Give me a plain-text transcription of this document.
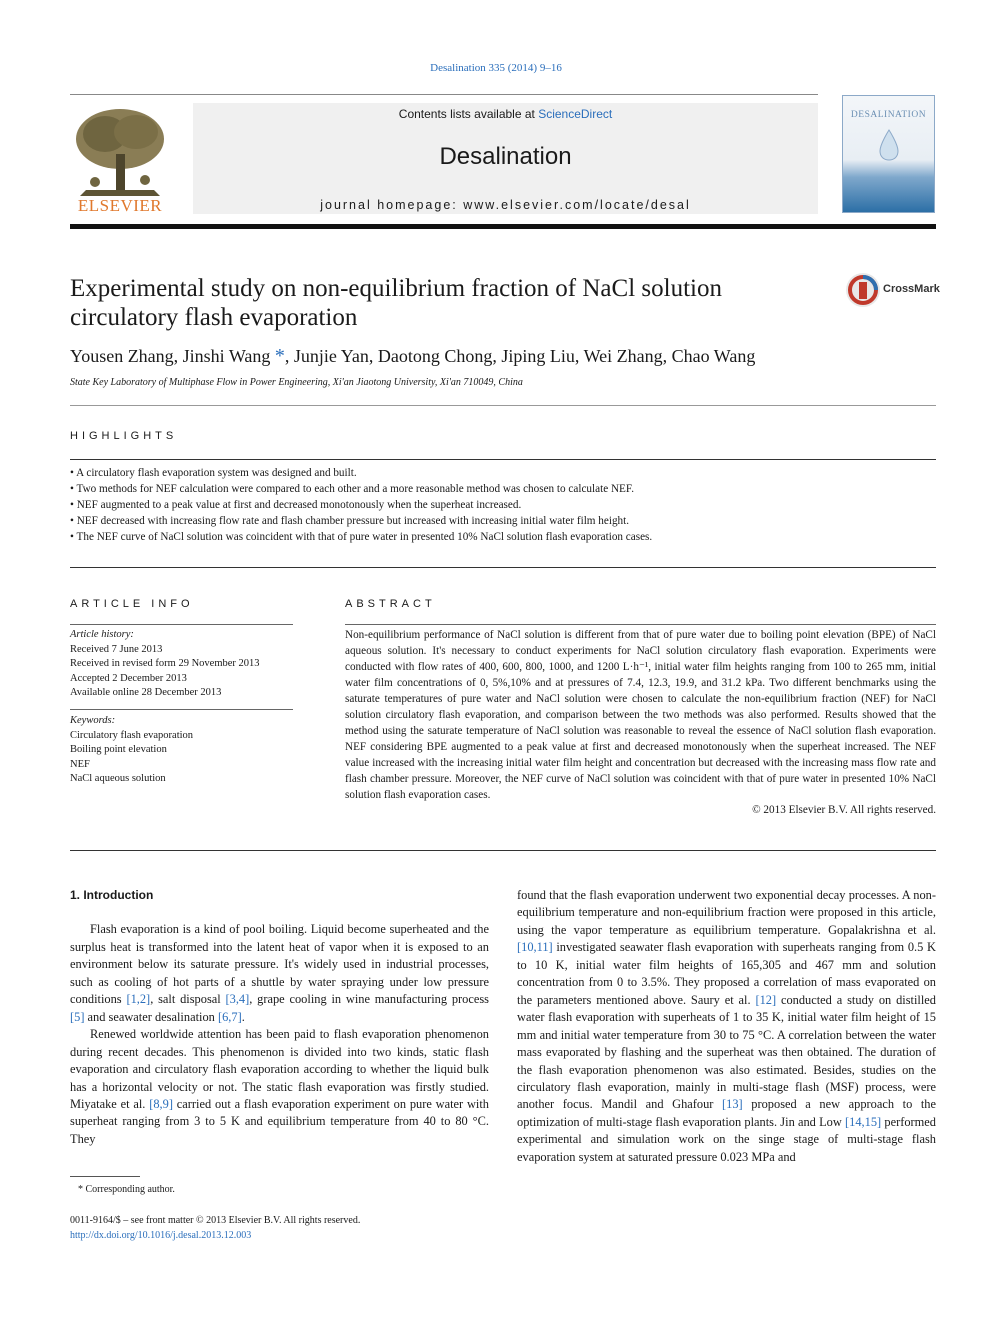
Desalination 335 (2014) 9–16
ELSEVIER
Contents lists available at ScienceDirect
Desalination
journal homepage: www.elsevier.com/locate/desal
DESALINATION
Experimental study on non-equilibrium fraction of NaCl solution
circulatory flash evaporation
CrossMark
Yousen Zhang, Jinshi Wang *, Junjie Yan, Daotong Chong, Jiping Liu, Wei Zhang, Chao Wang
State Key Laboratory of Multiphase Flow in Power Engineering, Xi'an Jiaotong University, Xi'an 710049, China
HIGHLIGHTS
• A circulatory flash evaporation system was designed and built.
• Two methods for NEF calculation were compared to each other and a more reasonable method was chosen to calculate NEF.
• NEF augmented to a peak value at first and decreased monotonously when the superheat increased.
• NEF decreased with increasing flow rate and flash chamber pressure but increased with increasing initial water film height.
• The NEF curve of NaCl solution was coincident with that of pure water in presented 10% NaCl solution flash evaporation cases.
ARTICLE INFO
Article history:
Received 7 June 2013
Received in revised form 29 November 2013
Accepted 2 December 2013
Available online 28 December 2013
Keywords:
Circulatory flash evaporation
Boiling point elevation
NEF
NaCl aqueous solution
ABSTRACT
Non-equilibrium performance of NaCl solution is different from that of pure water due to boiling point elevation (BPE) of NaCl aqueous solution. It's necessary to conduct experiments for NaCl solution circulatory flash evaporation. Experiments were conducted with flow rates of 400, 600, 800, 1000, and 1200 L·h⁻¹, initial water film heights ranging from 100 to 265 mm, initial water film concentrations of 0, 5%,10% and at pressures of 7.4, 12.3, 19.9, and 31.2 kPa. Two different benchmarks using the saturate temperatures of pure water and NaCl solution were chosen to calculate the non-equilibrium fraction (NEF) for NaCl solution circulatory flash evaporation, and comparison between the two methods was also performed. Results showed that the method using the saturate temperature of NaCl solution was reasonable to reveal the essence of NaCl solution flash evaporation. NEF considering BPE augmented to a peak value at first and decreased monotonously when the superheat increased. The NEF value increased with the increasing initial water film height and concentration but decreased with the increasing mass flow rate and flash chamber pressure. Moreover, the NEF curve of NaCl solution was coincident with that of pure water in presented 10% NaCl solution flash evaporation cases.
© 2013 Elsevier B.V. All rights reserved.
1. Introduction

Flash evaporation is a kind of pool boiling. Liquid become superheated and the surplus heat is transformed into the latent heat of vapor when it is exposed to an environment below its saturate pressure. It's widely used in industrial processes, such as cooling of hot parts of a shuttle by water spraying under low pressure conditions [1,2], salt disposal [3,4], grape cooling in wine manufacturing process [5] and seawater desalination [6,7].

Renewed worldwide attention has been paid to flash evaporation phenomenon during recent decades. This phenomenon is divided into two kinds, static flash evaporation and circulatory flash evaporation according to whether the liquid bulk has a horizontal velocity or not. The static flash evaporation was firstly studied. Miyatake et al. [8,9] carried out a flash evaporation experiment on pure water with superheat ranging from 3 to 5 K and equilibrium temperature from 40 to 80 °C. They

found that the flash evaporation underwent two exponential decay processes. A non-equilibrium temperature and non-equilibrium fraction were proposed in this article, using the vapor temperature as equilibrium temperature. Gopalakrishna et al. [10,11] investigated seawater flash evaporation with superheats ranging from 0.5 K to 10 K, initial water film heights of 165,305 and 467 mm and solution concentration from 0 to 3.5%. They proposed a correlation of mass evaporated on the parameters mentioned above. Saury et al. [12] conducted a study on distilled water flash evaporation with superheats of 1 to 35 K, initial water film height of 15 mm and initial water temperature from 30 to 75 °C. A correlation between the water mass evaporated by flashing and the superheat was then obtained. The duration of the flash evaporation phenomenon was also estimated. Besides, studies on the circulatory flash evaporation, mainly in multi-stage flash (MSF) process, were another focus. Mandil and Ghafour [13] proposed a new approach to the optimization of multi-stage flash evaporation plants. Jin and Low [14,15] performed experimental and simulation work on the singe stage of multi-stage flash evaporation system at saturated pressure 0.023 MPa and

* Corresponding author.
0011-9164/$ – see front matter © 2013 Elsevier B.V. All rights reserved.
http://dx.doi.org/10.1016/j.desal.2013.12.003
